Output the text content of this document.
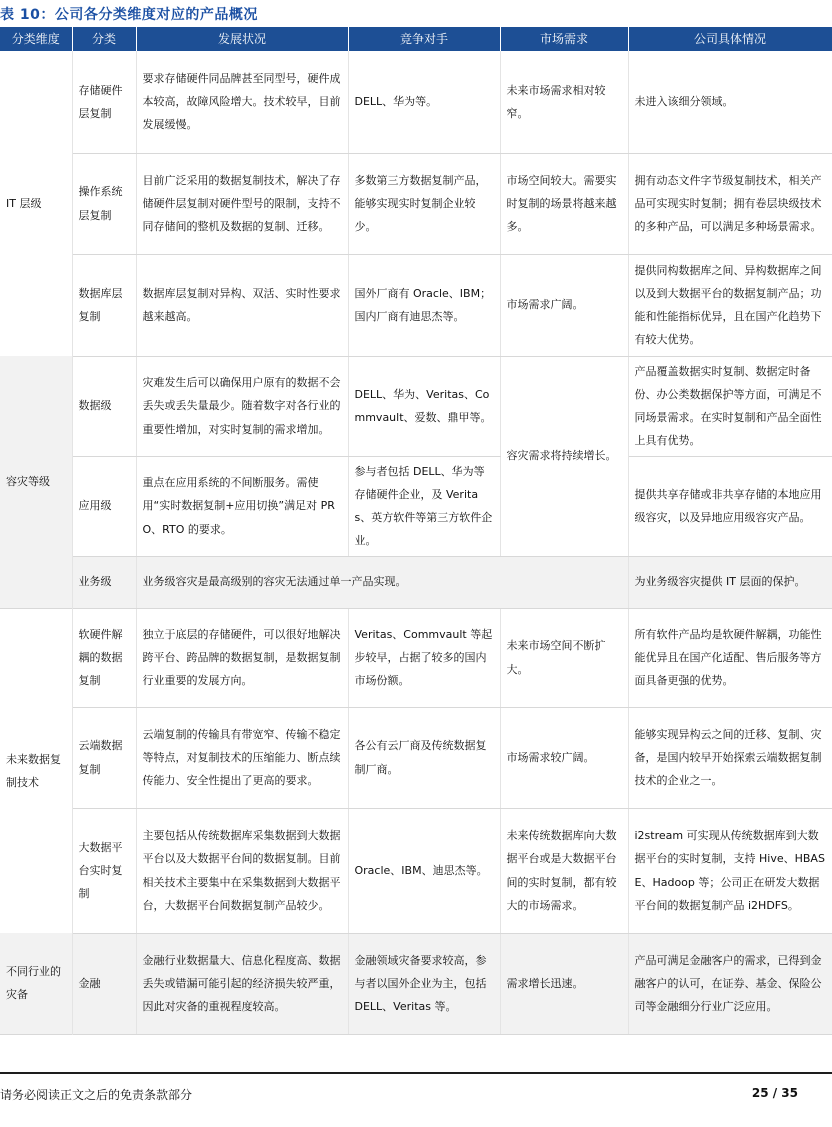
表 10：公司各分类维度对应的产品概况
分类维度	分类	发展状况	竞争对手	市场需求	公司具体情况
IT 层级	存储硬件层复制	要求存储硬件同品牌甚至同型号，硬件成本较高，故障风险增大。技术较早，目前发展缓慢。	DELL、华为等。	未来市场需求相对较窄。	未进入该细分领域。
	操作系统层复制	目前广泛采用的数据复制技术，解决了存储硬件层复制对硬件型号的限制，支持不同存储间的整机及数据的复制、迁移。	多数第三方数据复制产品，能够实现实时复制企业较少。	市场空间较大。需要实时复制的场景将越来越多。	拥有动态文件字节级复制技术，相关产品可实现实时复制；拥有卷层块级技术的多种产品，可以满足多种场景需求。
	数据库层复制	数据库层复制对异构、双活、实时性要求越来越高。	国外厂商有 Oracle、IBM；国内厂商有迪思杰等。	市场需求广阔。	提供同构数据库之间、异构数据库之间以及到大数据平台的数据复制产品；功能和性能指标优异，且在国产化趋势下有较大优势。
容灾等级	数据级	灾难发生后可以确保用户原有的数据不会丢失或丢失量最少。随着数字对各行业的重要性增加，对实时复制的需求增加。	DELL、华为、Veritas、Commvault、爱数、鼎甲等。	容灾需求将持续增长。	产品覆盖数据实时复制、数据定时备份、办公类数据保护等方面，可满足不同场景需求。在实时复制和产品全面性上具有优势。
	应用级	重点在应用系统的不间断服务。需使用“实时数据复制+应用切换”满足对 PRO、RTO 的要求。	参与者包括 DELL、华为等存储硬件企业，及 Veritas、英方软件等第三方软件企业。		提供共享存储或非共享存储的本地应用级容灾，以及异地应用级容灾产品。
	业务级	业务级容灾是最高级别的容灾无法通过单一产品实现。			为业务级容灾提供 IT 层面的保护。
未来数据复制技术	软硬件解耦的数据复制	独立于底层的存储硬件，可以很好地解决跨平台、跨品牌的数据复制，是数据复制行业重要的发展方向。	Veritas、Commvault 等起步较早，占据了较多的国内市场份额。	未来市场空间不断扩大。	所有软件产品均是软硬件解耦，功能性能优异且在国产化适配、售后服务等方面具备更强的优势。
	云端数据复制	云端复制的传输具有带宽窄、传输不稳定等特点，对复制技术的压缩能力、断点续传能力、安全性提出了更高的要求。	各公有云厂商及传统数据复制厂商。	市场需求较广阔。	能够实现异构云之间的迁移、复制、灾备，是国内较早开始探索云端数据复制技术的企业之一。
	大数据平台实时复制	主要包括从传统数据库采集数据到大数据平台以及大数据平台间的数据复制。目前相关技术主要集中在采集数据到大数据平台，大数据平台间数据复制产品较少。	Oracle、IBM、迪思杰等。	未来传统数据库向大数据平台或是大数据平台间的实时复制，都有较大的市场需求。	i2stream 可实现从传统数据库到大数据平台的实时复制，支持 Hive、HBASE、Hadoop 等；公司正在研发大数据平台间的数据复制产品 i2HDFS。
不同行业的灾备	金融	金融行业数据量大、信息化程度高、数据丢失或错漏可能引起的经济损失较严重，因此对灾备的重视程度较高。	金融领域灾备要求较高，参与者以国外企业为主，包括 DELL、Veritas 等。	需求增长迅速。	产品可满足金融客户的需求，已得到金融客户的认可，在证券、基金、保险公司等金融细分行业广泛应用。
请务必阅读正文之后的免责条款部分	25 / 35
